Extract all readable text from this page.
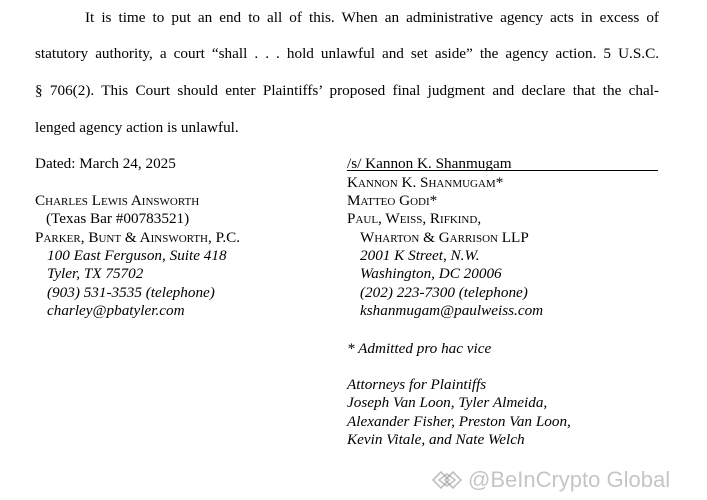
It is time to put an end to all of this. When an administrative agency acts in excess of
statutory authority, a court “shall . . . hold unlawful and set aside” the agency action. 5 U.S.C.
§ 706(2). This Court should enter Plaintiffs’ proposed final judgment and declare that the chal-
lenged agency action is unlawful.
Dated: March 24, 2025
Charles Lewis Ainsworth
(Texas Bar #00783521)
Parker, Bunt & Ainsworth, P.C.
100 East Ferguson, Suite 418
Tyler, TX 75702
(903) 531-3535 (telephone)
charley@pbatyler.com
/s/ Kannon K. Shanmugam
Kannon K. Shanmugam*
Matteo Godi*
Paul, Weiss, Rifkind,
Wharton & Garrison LLP
2001 K Street, N.W.
Washington, DC 20006
(202) 223-7300 (telephone)
kshanmugam@paulweiss.com
* Admitted pro hac vice
Attorneys for Plaintiffs
Joseph Van Loon, Tyler Almeida,
Alexander Fisher, Preston Van Loon,
Kevin Vitale, and Nate Welch
@BeInCrypto Global
